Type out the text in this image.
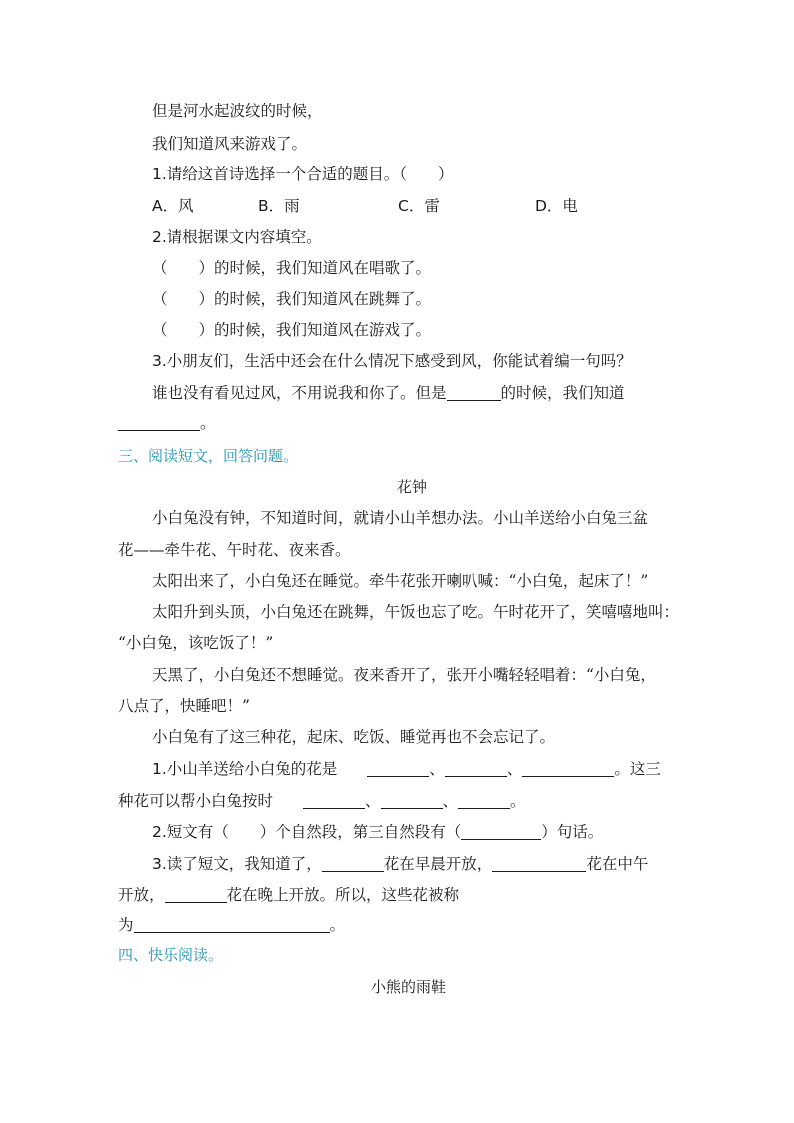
但是河水起波纹的时候，
我们知道风来游戏了。
1.请给这首诗选择一个合适的题目。（　　）
A．风	B．雨	C．雷	D．电
2.请根据课文内容填空。
（　　）的时候，我们知道风在唱歌了。
（　　）的时候，我们知道风在跳舞了。
（　　）的时候，我们知道风在游戏了。
3.小朋友们，生活中还会在什么情况下感受到风，你能试着编一句吗？
谁也没有看见过风，不用说我和你了。但是	的时候，我们知道
。
三、阅读短文，回答问题。
花钟
小白兔没有钟，不知道时间，就请小山羊想办法。小山羊送给小白兔三盆
花——牵牛花、午时花、夜来香。
太阳出来了，小白兔还在睡觉。牵牛花张开喇叭喊：“小白兔，起床了！”
太阳升到头顶，小白兔还在跳舞，午饭也忘了吃。午时花开了，笑嘻嘻地叫：
“小白兔，该吃饭了！”
天黑了，小白兔还不想睡觉。夜来香开了，张开小嘴轻轻唱着：“小白兔，
八点了，快睡吧！”
小白兔有了这三种花，起床、吃饭、睡觉再也不会忘记了。
1.小山羊送给小白兔的花是	、	、	。这三
种花可以帮小白兔按时	、	、	。
2.短文有（　　）个自然段，第三自然段有（	）句话。
3.读了短文，我知道了，	花在早晨开放，	花在中午
开放，	花在晚上开放。所以，这些花被称
为	。
四、快乐阅读。
小熊的雨鞋
